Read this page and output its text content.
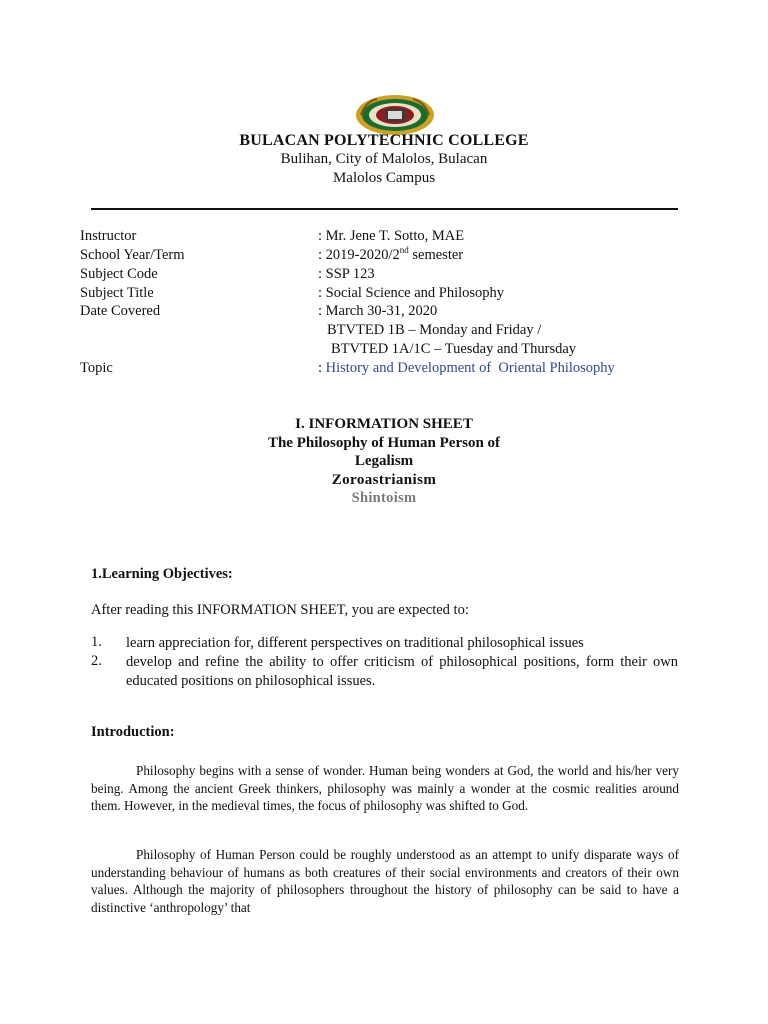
BULACAN POLYTECHNIC COLLEGE
Bulihan, City of Malolos, Bulacan
Malolos Campus
Instructor	: Mr. Jene T. Sotto, MAE
School Year/Term	: 2019-2020/2nd semester
Subject Code	: SSP 123
Subject Title	: Social Science and Philosophy
Date Covered	: March 30-31, 2020
BTVTED 1B – Monday and Friday /
BTVTED 1A/1C – Tuesday and Thursday
Topic	: History and Development of  Oriental Philosophy
I. INFORMATION SHEET
The Philosophy of Human Person of
Legalism
Zoroastrianism
Shintoism
1.Learning Objectives:
After reading this INFORMATION SHEET, you are expected to:
1. learn appreciation for, different perspectives on traditional philosophical issues
2. develop and refine the ability to offer criticism of philosophical positions, form their own educated positions on philosophical issues.
Introduction:
Philosophy begins with a sense of wonder. Human being wonders at God, the world and his/her very being. Among the ancient Greek thinkers, philosophy was mainly a wonder at the cosmic realities around them. However, in the medieval times, the focus of philosophy was shifted to God.
Philosophy of Human Person could be roughly understood as an attempt to unify disparate ways of understanding behaviour of humans as both creatures of their social environments and creators of their own values. Although the majority of philosophers throughout the history of philosophy can be said to have a distinctive ‘anthropology’ that
